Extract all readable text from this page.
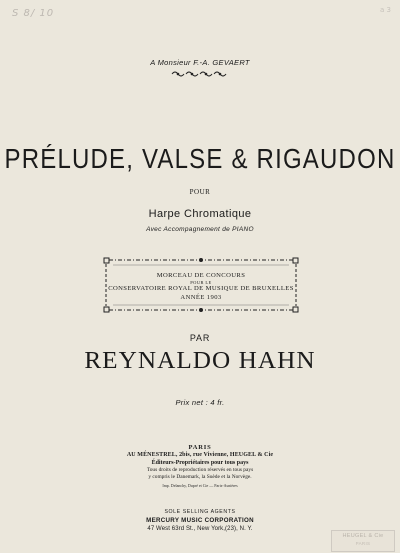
S 8/ 10	a 3
A Monsieur F.-A. GEVAERT
PRÉLUDE, VALSE & RIGAUDON
POUR
Harpe Chromatique
Avec Accompagnement de PIANO
MORCEAU DE CONCOURS
POUR LE
CONSERVATOIRE ROYAL DE MUSIQUE DE BRUXELLES
ANNÉE 1903
PAR
REYNALDO HAHN
Prix net : 4 fr.
PARIS
AU MÉNESTREL, 2bis, rue Vivienne, HEUGEL & Cie
Éditeurs-Propriétaires pour tous pays
Tous droits de reproduction réservés en tous pays
y compris le Danemark, la Suède et la Norvège.
Imp. Delanchy, Dupré et Cie — Paris-Asnières
SOLE SELLING AGENTS
MERCURY MUSIC CORPORATION
47 West 63rd St., New York,(23), N. Y.
HEUGEL & Cie
PARIS
